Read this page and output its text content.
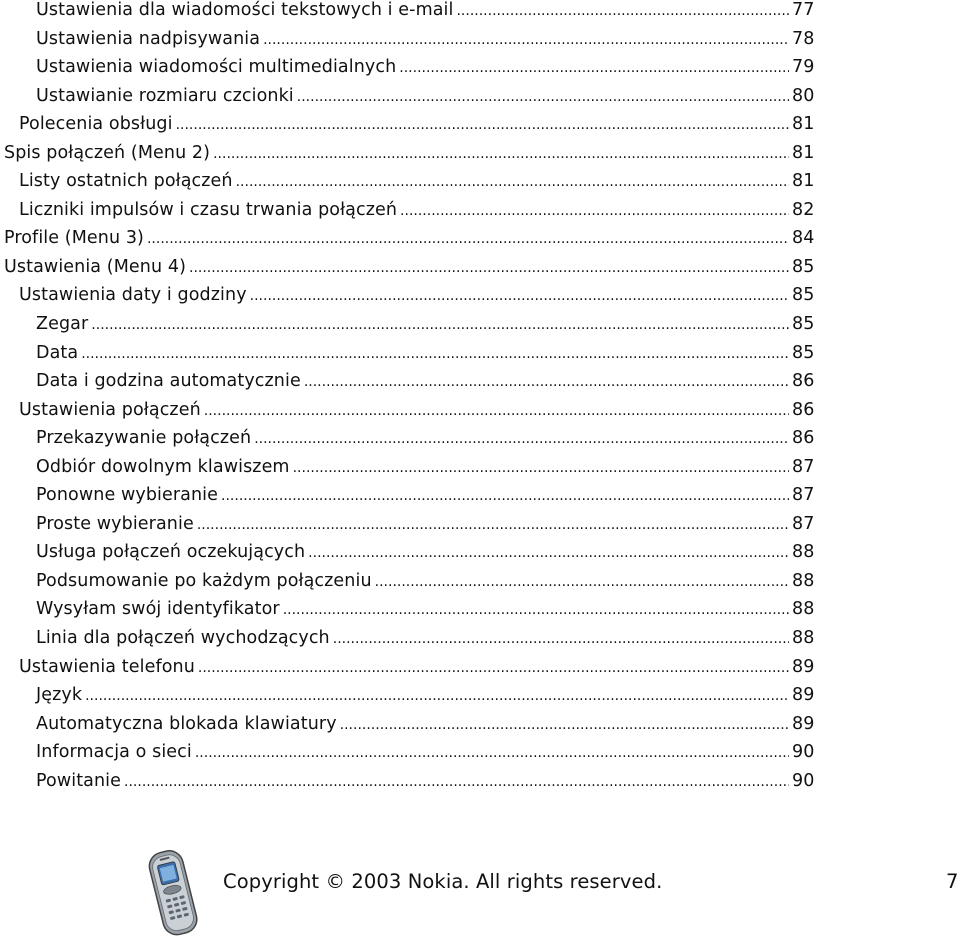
Ustawienia dla wiadomości tekstowych i e-mail .....	77
Ustawienia nadpisywania .....	78
Ustawienia wiadomości multimedialnych .....	79
Ustawianie rozmiaru czcionki .....	80
Polecenia obsługi .....	81
Spis połączeń (Menu 2) .....	81
Listy ostatnich połączeń .....	81
Liczniki impulsów i czasu trwania połączeń .....	82
Profile (Menu 3) .....	84
Ustawienia (Menu 4) .....	85
Ustawienia daty i godziny .....	85
Zegar .....	85
Data .....	85
Data i godzina automatycznie .....	86
Ustawienia połączeń .....	86
Przekazywanie połączeń .....	86
Odbiór dowolnym klawiszem .....	87
Ponowne wybieranie .....	87
Proste wybieranie .....	87
Usługa połączeń oczekujących .....	88
Podsumowanie po każdym połączeniu .....	88
Wysyłam swój identyfikator .....	88
Linia dla połączeń wychodzących .....	88
Ustawienia telefonu .....	89
Język .....	89
Automatyczna blokada klawiatury .....	89
Informacja o sieci .....	90
Powitanie .....	90
Copyright © 2003 Nokia. All rights reserved.	7
